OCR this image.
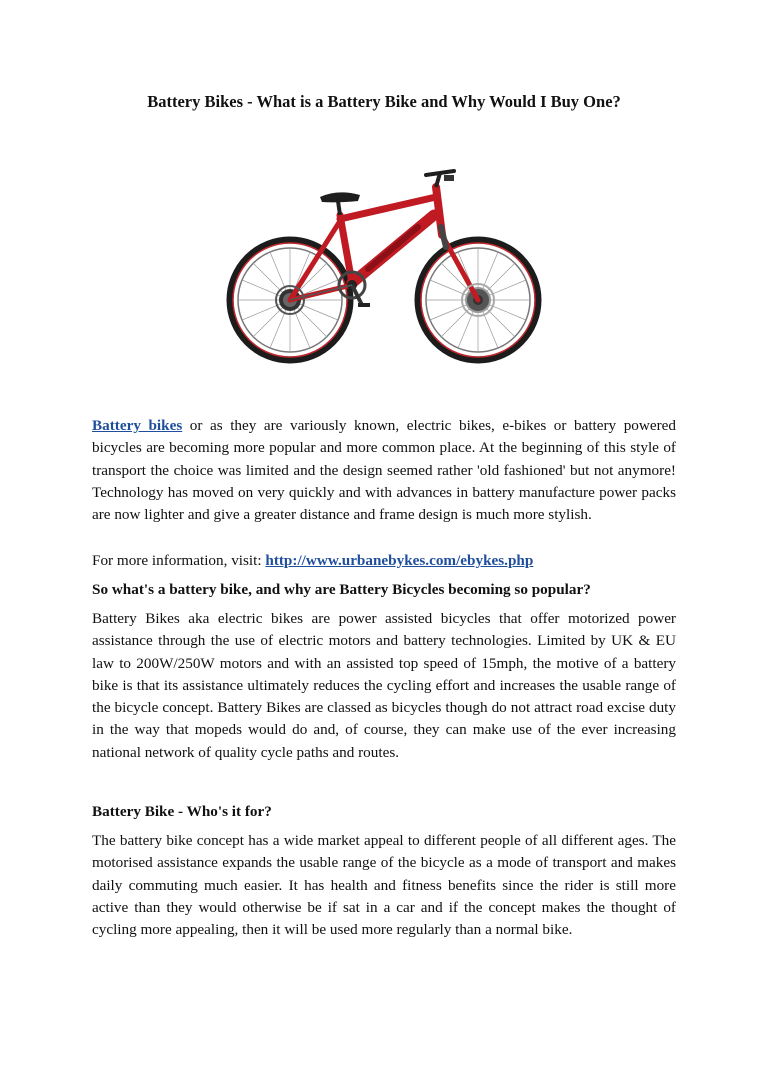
Battery Bikes - What is a Battery Bike and Why Would I Buy One?

Battery bikes or as they are variously known, electric bikes, e-bikes or battery powered bicycles are becoming more popular and more common place. At the beginning of this style of transport the choice was limited and the design seemed rather 'old fashioned' but not anymore! Technology has moved on very quickly and with advances in battery manufacture power packs are now lighter and give a greater distance and frame design is much more stylish.

For more information, visit: http://www.urbanebykes.com/ebykes.php

So what's a battery bike, and why are Battery Bicycles becoming so popular?
Battery Bikes aka electric bikes are power assisted bicycles that offer motorized power assistance through the use of electric motors and battery technologies. Limited by UK & EU law to 200W/250W motors and with an assisted top speed of 15mph, the motive of a battery bike is that its assistance ultimately reduces the cycling effort and increases the usable range of the bicycle concept. Battery Bikes are classed as bicycles though do not attract road excise duty in the way that mopeds would do and, of course, they can make use of the ever increasing national network of quality cycle paths and routes.
Battery Bike - Who's it for?
The battery bike concept has a wide market appeal to different people of all different ages. The motorised assistance expands the usable range of the bicycle as a mode of transport and makes daily commuting much easier. It has health and fitness benefits since the rider is still more active than they would otherwise be if sat in a car and if the concept makes the thought of cycling more appealing, then it will be used more regularly than a normal bike.
